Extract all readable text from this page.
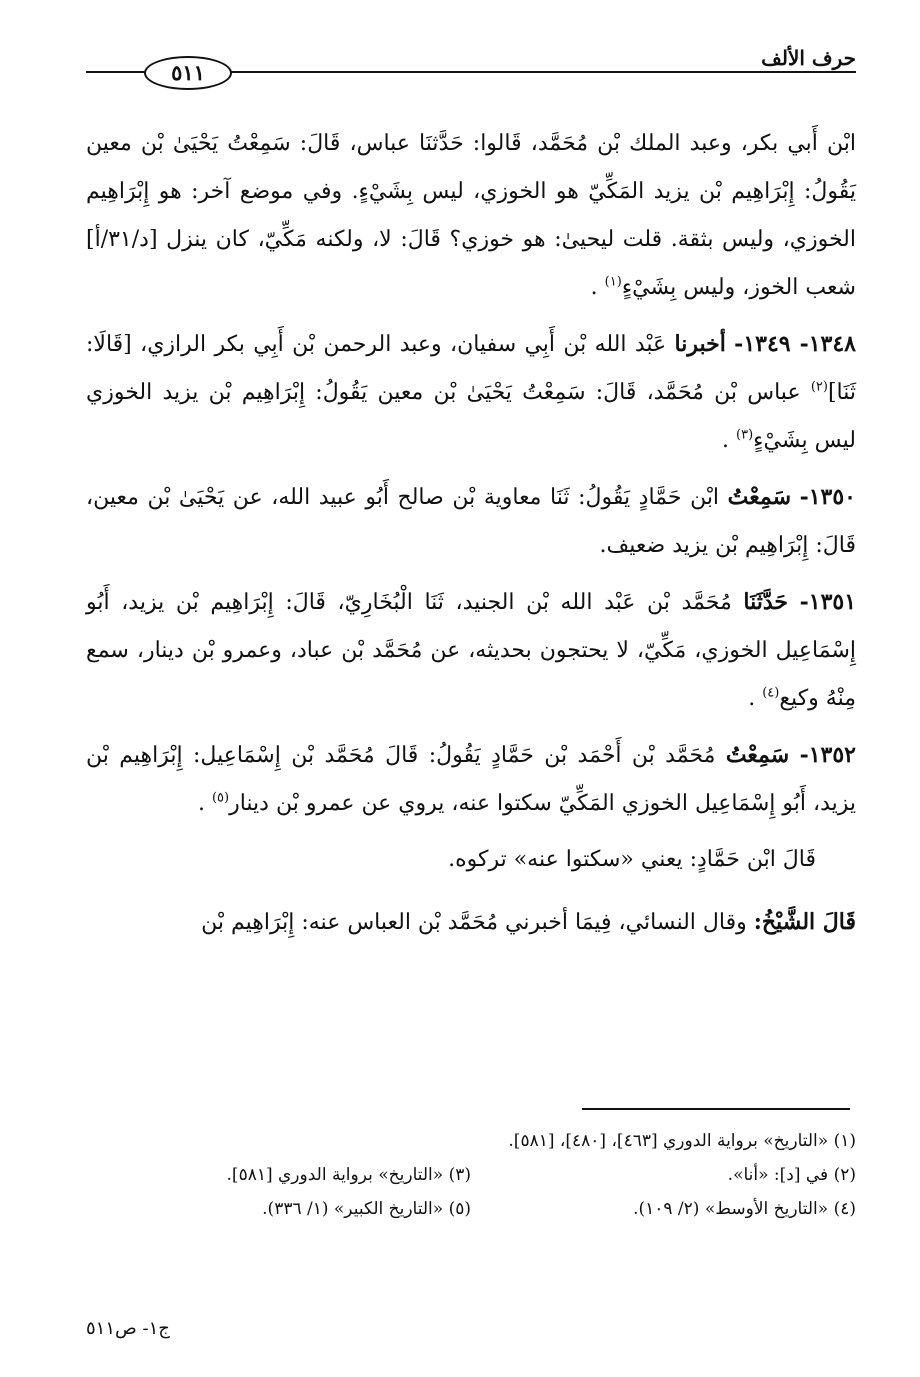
حرف الألف
٥١١

ابْن أَبي بكر، وعبد الملك بْن مُحَمَّد، قَالوا: حَدَّثنَا عباس، قَالَ: سَمِعْتُ يَحْيَىٰ بْن معين يَقُولُ: إِبْرَاهِيم بْن يزيد المَكِّيّ هو الخوزي، ليس بِشَيْءٍ. وفي موضع آخر: هو إِبْرَاهِيم الخوزي، وليس بثقة. قلت ليحيىٰ: هو خوزي؟ قَالَ: لا، ولكنه مَكِّيّ، كان ينزل [د/٣١/أ] شعب الخوز، وليس بِشَيْءٍ$^{(١)}$ .

١٣٤٨- ١٣٤٩- أخبرنا عَبْد الله بْن أَبِي سفيان، وعبد الرحمن بْن أَبِي بكر الرازي، [قَالَا: ثَنَا]$^{(٢)}$ عباس بْن مُحَمَّد، قَالَ: سَمِعْتُ يَحْيَىٰ بْن معين يَقُولُ: إِبْرَاهِيم بْن يزيد الخوزي ليس بِشَيْءٍ$^{(٣)}$ .

١٣٥٠- سَمِعْتُ ابْن حَمَّادٍ يَقُولُ: ثَنَا معاوية بْن صالح أَبُو عبيد الله، عن يَحْيَىٰ بْن معين، قَالَ: إِبْرَاهِيم بْن يزيد ضعيف.

١٣٥١- حَدَّثَنَا مُحَمَّد بْن عَبْد الله بْن الجنيد، ثَنَا الْبُخَارِيّ، قَالَ: إِبْرَاهِيم بْن يزيد، أَبُو إِسْمَاعِيل الخوزي، مَكِّيّ، لا يحتجون بحديثه، عن مُحَمَّد بْن عباد، وعمرو بْن دينار، سمع مِنْهُ وكيع$^{(٤)}$ .

١٣٥٢- سَمِعْتُ مُحَمَّد بْن أَحْمَد بْن حَمَّادٍ يَقُولُ: قَالَ مُحَمَّد بْن إِسْمَاعِيل: إِبْرَاهِيم بْن يزيد، أَبُو إِسْمَاعِيل الخوزي المَكِّيّ سكتوا عنه، يروي عن عمرو بْن دينار$^{(٥)}$ .

قَالَ ابْن حَمَّادٍ: يعني «سكتوا عنه» تركوه.

قَالَ الشَّيْخُ: وقال النسائي، فِيمَا أخبرني مُحَمَّد بْن العباس عنه: إِبْرَاهِيم بْن

(١) «التاريخ» برواية الدوري [٤٦٣]، [٤٨٠]، [٥٨١].
(٢) في [د]: «أنا».
(٣) «التاريخ» برواية الدوري [٥٨١].
(٤) «التاريخ الأوسط» (٢/ ١٠٩).
(٥) «التاريخ الكبير» (١/ ٣٣٦).
ج١- ص٥١١
